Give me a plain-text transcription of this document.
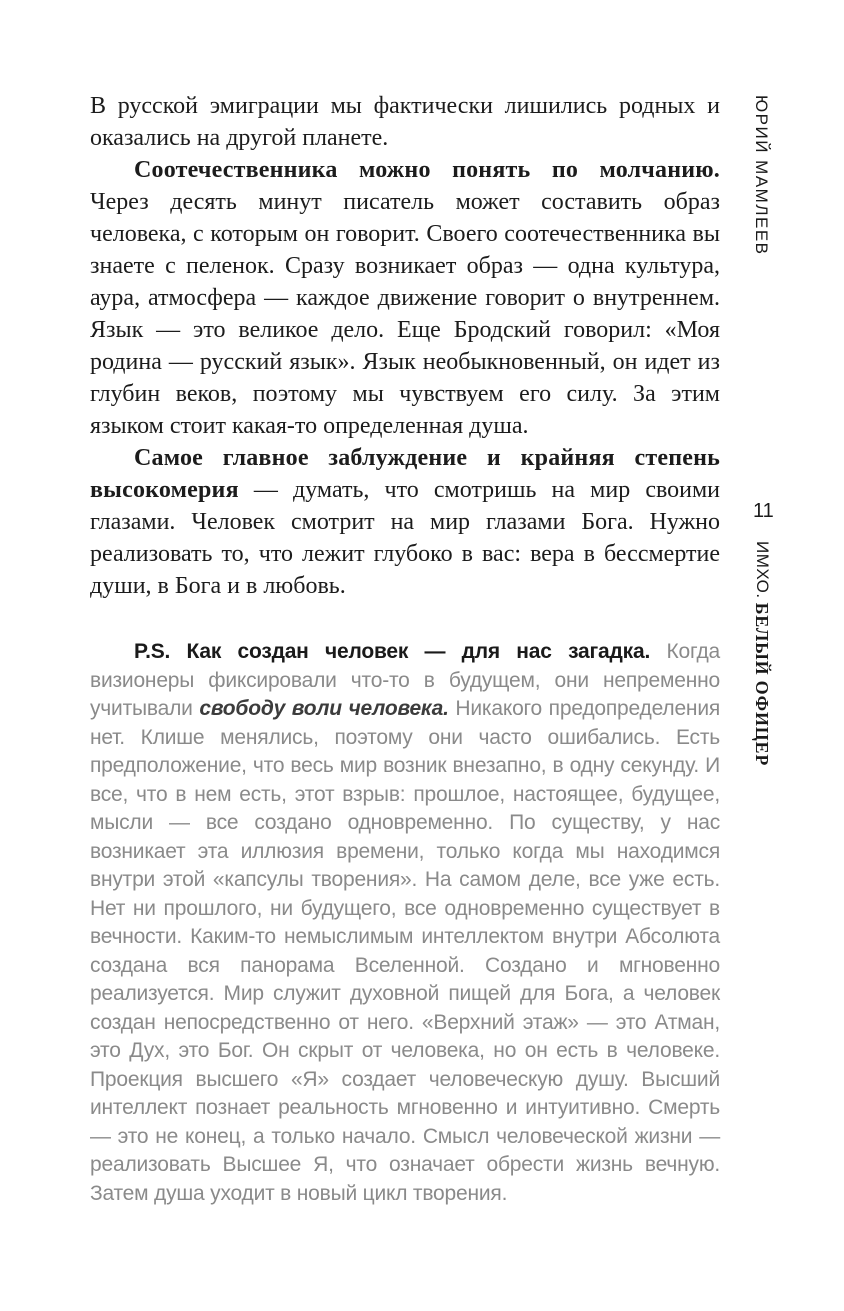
В русской эмиграции мы фактически лишились родных и оказались на другой планете.

Соотечественника можно понять по молчанию. Через десять минут писатель может составить образ человека, с которым он говорит. Своего соотечественника вы знаете с пеленок. Сразу возникает образ — одна культура, аура, атмосфера — каждое движение говорит о внутреннем. Язык — это великое дело. Еще Бродский говорил: «Моя родина — русский язык». Язык необыкновенный, он идет из глубин веков, поэтому мы чувствуем его силу. За этим языком стоит какая-то определенная душа.

Самое главное заблуждение и крайняя степень высокомерия — думать, что смотришь на мир своими глазами. Человек смотрит на мир глазами Бога. Нужно реализовать то, что лежит глубоко в вас: вера в бессмертие души, в Бога и в любовь.

P.S. Как создан человек — для нас загадка. Когда визионеры фиксировали что-то в будущем, они непременно учитывали свободу воли человека. Никакого предопределения нет. Клише менялись, поэтому они часто ошибались. Есть предположение, что весь мир возник внезапно, в одну секунду. И все, что в нем есть, этот взрыв: прошлое, настоящее, будущее, мысли — все создано одновременно. По существу, у нас возникает эта иллюзия времени, только когда мы находимся внутри этой «капсулы творения». На самом деле, все уже есть. Нет ни прошлого, ни будущего, все одновременно существует в вечности. Каким-то немыслимым интеллектом внутри Абсолюта создана вся панорама Вселенной. Создано и мгновенно реализуется. Мир служит духовной пищей для Бога, а человек создан непосредственно от него. «Верхний этаж» — это Атман, это Дух, это Бог. Он скрыт от человека, но он есть в человеке. Проекция высшего «Я» создает человеческую душу. Высший интеллект познает реальность мгновенно и интуитивно. Смерть — это не конец, а только начало. Смысл человеческой жизни — реализовать Высшее Я, что означает обрести жизнь вечную. Затем душа уходит в новый цикл творения.

ЮРИЙ МАМЛЕЕВ
11
ИМХО. БЕЛЫЙ ОФИЦЕР
